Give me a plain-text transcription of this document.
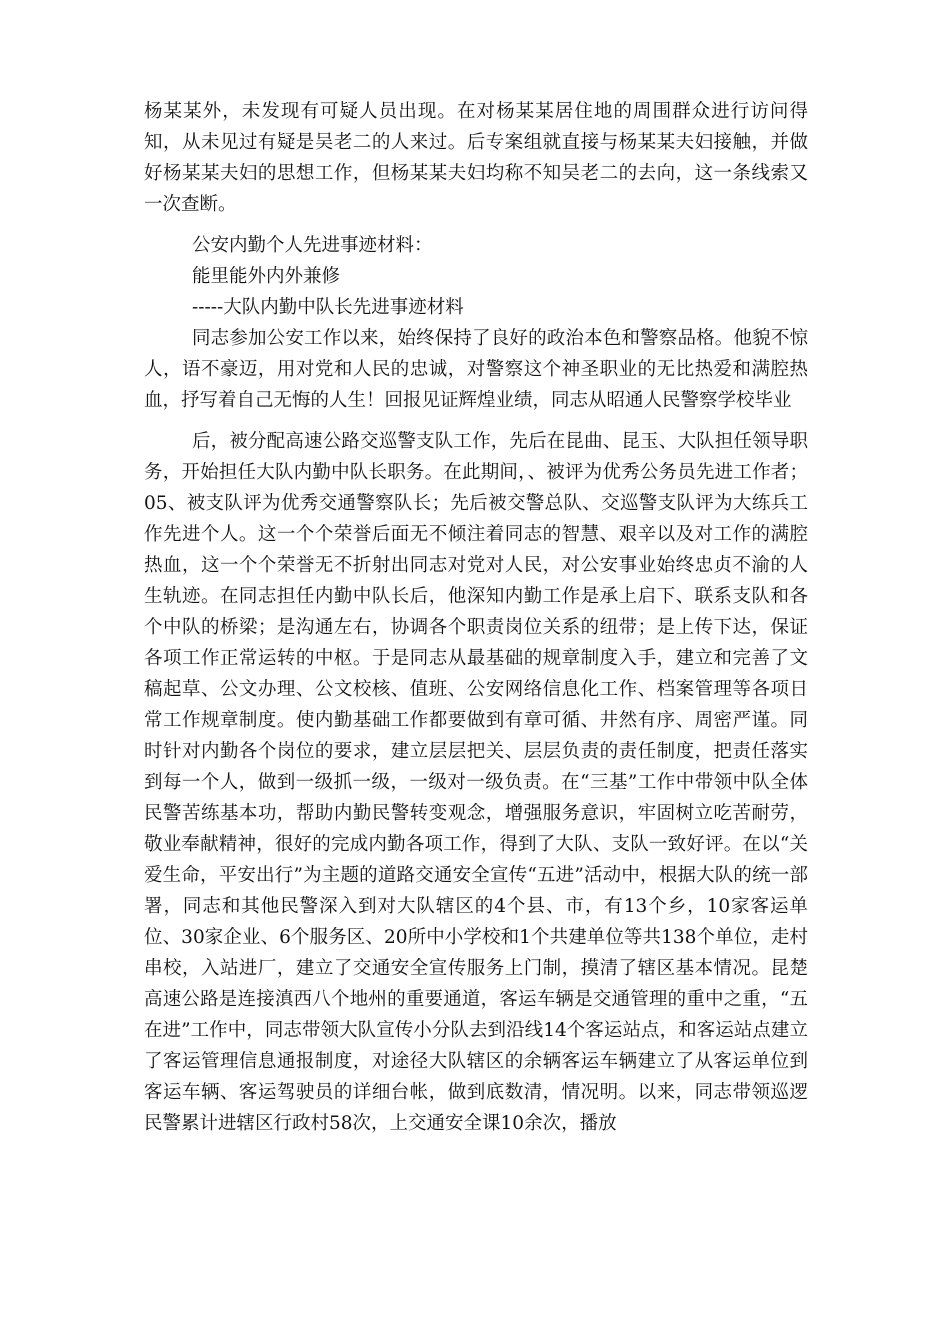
杨某某外，未发现有可疑人员出现。在对杨某某居住地的周围群众进行访问得知，从未见过有疑是吴老二的人来过。后专案组就直接与杨某某夫妇接触，并做好杨某某夫妇的思想工作，但杨某某夫妇均称不知吴老二的去向，这一条线索又一次查断。

公安内勤个人先进事迹材料：

能里能外内外兼修

-----大队内勤中队长先进事迹材料

同志参加公安工作以来，始终保持了良好的政治本色和警察品格。他貌不惊人，语不豪迈，用对党和人民的忠诚，对警察这个神圣职业的无比热爱和满腔热血，抒写着自己无悔的人生！回报见证辉煌业绩，同志从昭通人民警察学校毕业

后，被分配高速公路交巡警支队工作，先后在昆曲、昆玉、大队担任领导职务，开始担任大队内勤中队长职务。在此期间，、被评为优秀公务员先进工作者；05、被支队评为优秀交通警察队长；先后被交警总队、交巡警支队评为大练兵工作先进个人。这一个个荣誉后面无不倾注着同志的智慧、艰辛以及对工作的满腔热血，这一个个荣誉无不折射出同志对党对人民，对公安事业始终忠贞不渝的人生轨迹。在同志担任内勤中队长后，他深知内勤工作是承上启下、联系支队和各个中队的桥梁；是沟通左右，协调各个职责岗位关系的纽带；是上传下达，保证各项工作正常运转的中枢。于是同志从最基础的规章制度入手，建立和完善了文稿起草、公文办理、公文校核、值班、公安网络信息化工作、档案管理等各项日常工作规章制度。使内勤基础工作都要做到有章可循、井然有序、周密严谨。同时针对内勤各个岗位的要求，建立层层把关、层层负责的责任制度，把责任落实到每一个人，做到一级抓一级，一级对一级负责。在“三基”工作中带领中队全体民警苦练基本功，帮助内勤民警转变观念，增强服务意识，牢固树立吃苦耐劳，敬业奉献精神，很好的完成内勤各项工作，得到了大队、支队一致好评。在以“关爱生命，平安出行”为主题的道路交通安全宣传“五进”活动中，根据大队的统一部署，同志和其他民警深入到对大队辖区的4个县、市，有13个乡，10家客运单位、30家企业、6个服务区、20所中小学校和1个共建单位等共138个单位，走村串校，入站进厂，建立了交通安全宣传服务上门制，摸清了辖区基本情况。昆楚高速公路是连接滇西八个地州的重要通道，客运车辆是交通管理的重中之重，“五在进”工作中，同志带领大队宣传小分队去到沿线14个客运站点，和客运站点建立了客运管理信息通报制度，对途径大队辖区的余辆客运车辆建立了从客运单位到客运车辆、客运驾驶员的详细台帐，做到底数清，情况明。以来，同志带领巡逻民警累计进辖区行政村58次，上交通安全课10余次，播放
